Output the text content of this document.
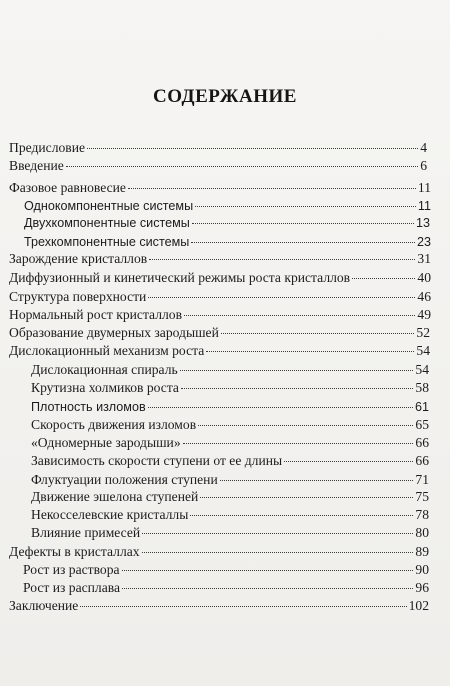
СОДЕРЖАНИЕ
Предисловие	4
Введение	6
Фазовое равновесие	11
Однокомпонентные системы	11
Двухкомпонентные системы	13
Трехкомпонентные системы	23
Зарождение кристаллов	31
Диффузионный и кинетический режимы роста кристаллов	40
Структура поверхности	46
Нормальный рост кристаллов	49
Образование двумерных зародышей	52
Дислокационный механизм роста	54
Дислокационная спираль	54
Крутизна холмиков роста	58
Плотность изломов	61
Скорость движения изломов	65
«Одномерные зародыши»	66
Зависимость скорости ступени от ее длины	66
Флуктуации положения ступени	71
Движение эшелона ступеней	75
Некосселевские кристаллы	78
Влияние примесей	80
Дефекты в кристаллах	89
Рост из раствора	90
Рост из расплава	96
Заключение	102
